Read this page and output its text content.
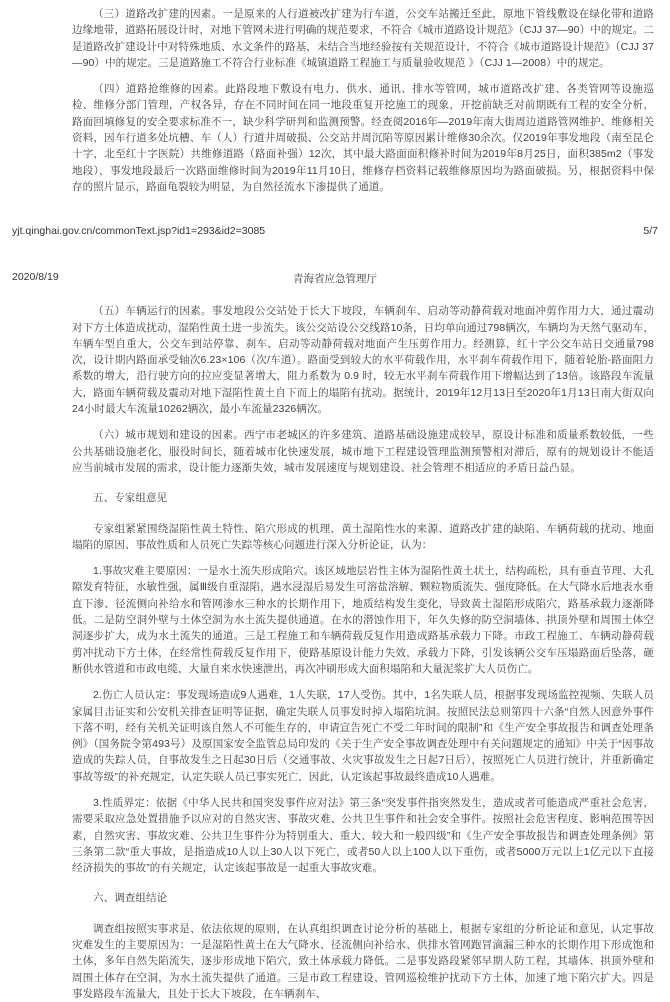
（三）道路改扩建的因素。一是原来的人行道被改扩建为行车道，公交车站搬迁至此，原地下管线敷设在绿化带和道路边缘地带，道路拓展设计时，对地下管网未进行明确的规范要求，不符合《城市道路设计规范》（CJJ 37—90）中的规定。二是道路改扩建设计中对特殊地质、水文条件的路基，未结合当地经验按有关规范设计，不符合《城市道路设计规范》（CJJ 37—90）中的规定。三是道路施工不符合行业标准《城镇道路工程施工与质量验收规范 》（CJJ 1—2008）中的规定。

（四）道路抢维修的因素。此路段地下敷设有电力、供水、通讯、排水等管网，城市道路改扩建、各类管网等设施巡检、维修分部门管理，产权各异，存在不同时间在同一地段重复开挖施工的现象，开挖前缺乏对前期既有工程的安全分析，路面回填修复的安全要求标准不一，缺少科学研判和监测预警。经查阅2016年—2019年南大街周边道路管网维护、维修相关资料，因车行道多处坑槽、车（人）行道井周破损、公交站井周沉陷等原因累计维修30余次。仅2019年事发地段（南至昆仑十字，北至红十字医院）共维修道路（路面补强）12次，其中最大路面面积修补时间为2019年8月25日，面积385m2（事发地段），事发地段最后一次路面维修时间为2019年11月10日，维修存档资料记载维修原因均为路面破损。另，根据资料中保存的照片显示，路面龟裂较为明显，为自然径流水下渗提供了通道。

yjt.qinghai.gov.cn/commonText.jsp?id1=293&id2=3085	5/7
青海省应急管理厅
2020/8/19

（五）车辆运行的因素。事发地段公交站处于长大下坡段，车辆刹车、启动等动静荷载对地面冲剪作用力大，通过震动对下方土体造成扰动，湿陷性黄土进一步流失。该公交站设公交线路10条，日均单向通过798辆次，车辆均为天然气驱动车，车辆车型自重大，公交车到站停靠、刹车、启动等动静荷载对地面产生压剪作用力。经测算，红十字公交车站日交通量798次，设计期内路面承受轴次6.23×106（次/车道）。路面受到较大的水平荷载作用，水平刹车荷载作用下，随着轮胎-路面阻力系数的增大，沿行驶方向的拉应变显著增大，阻力系数为 0.9 时，较无水平刹车荷载作用下增幅达到了13倍。该路段车流量大，路面车辆荷载及震动对地下湿陷性黄土自下而上的塌陷有扰动。据统计，2019年12月13日至2020年1月13日南大街双向24小时最大车流量10262辆次，最小车流量2326辆次。

（六）城市规划和建设的因素。西宁市老城区的许多建筑、道路基础设施建成较早，原设计标准和质量系数较低，一些公共基础设施老化，服役时间长，随着城市化快速发展，城市地下工程建设管理监测预警相对滞后，原有的规划设计不能适应当前城市发展的需求，设计能力逐渐失效，城市发展速度与规划建设、社会管理不相适应的矛盾日益凸显。

五、专家组意见

专家组紧紧围绕湿陷性黄土特性、陷穴形成的机理、黄土湿陷性水的来源、道路改扩建的缺陷、车辆荷载的扰动、地面塌陷的原因、事故性质和人员死亡失踪等核心问题进行深入分析论证，认为：

1.事故灾难主要原因：一是水土流失形成陷穴。该区域地层岩性主体为湿陷性黄土状土，结构疏松，具有垂直节理、大孔隙发育特征，水敏性强，属Ⅲ级自重湿陷，遇水浸湿后易发生可溶盐溶解、颗粒物质流失、强度降低。在大气降水后地表水垂直下渗、径流侧向补给水和管网渗水三种水的长期作用下，地质结构发生变化，导致黄土湿陷形成陷穴，路基承载力逐渐降低。二是防空洞外壁与土体空洞为水土流失提供通道。在水的潜蚀作用下，年久失修的防空洞墙体、拱顶外壁和周围土体空洞逐步扩大，成为水土流失的通道。三是工程施工和车辆荷载反复作用造成路基承载力下降。市政工程施工、车辆动静荷载剪冲扰动下方土体，在经常性荷载反复作用下，使路基原设计能力失效，承载力下降，引发该辆公交车压塌路面后坠落，砸断供水管道和市政电缆，大量自来水快速泄出，再次冲刷形成大面积塌陷和大量泥浆扩大人员伤亡。

2.伤亡人员认定：事发现场造成9人遇难，1人失联，17人受伤。其中，1名失联人员，根据事发现场监控视频、失联人员家属目击证实和公安机关排查证明等证据，确定失联人员事发时掉入塌陷坑洞。按照民法总则第四十六条“自然人因意外事件下落不明，经有关机关证明该自然人不可能生存的，申请宣告死亡不受二年时间的限制”和《生产安全事故报告和调查处理条例》（国务院令第493号）及原国家安全监管总局印发的《关于生产安全事故调查处理中有关问题规定的通知》中关于“因事故造成的失踪人员，自事故发生之日起30日后（交通事故、火灾事故发生之日起7日后），按照死亡人员进行统计，并重新确定事故等级”的补充规定，认定失联人员已事实死亡，因此，认定该起事故最终造成10人遇难。

3.性质界定：依据《中华人民共和国突发事件应对法》第三条“突发事件指突然发生，造成或者可能造成严重社会危害，需要采取应急处置措施予以应对的自然灾害、事故灾难、公共卫生事件和社会安全事件。按照社会危害程度、影响范围等因素，自然灾害、事故灾难、公共卫生事件分为特别重大、重大、较大和一般四级”和《生产安全事故报告和调查处理条例》第三条第二款“重大事故，是指造成10人以上30人以下死亡，或者50人以上100人以下重伤，或者5000万元以上1亿元以下直接经济损失的事故”的有关规定，认定该起事故是一起重大事故灾难。

六、调查组结论

调查组按照实事求是、依法依规的原则，在认真组织调查讨论分析的基础上，根据专家组的分析论证和意见，认定事故灾难发生的主要原因为：一是湿陷性黄土在大气降水、径流侧向补给水、供排水管网跑冒滴漏三种水的长期作用下形成饱和土体，多年自然失陷流失，逐步形成地下陷穴，致土体承载力降低。二是事发路段紧邻早期人防工程，其墙体、拱顶外壁和周围土体存在空洞，为水土流失提供了通道。三是市政工程建设、管网巡检维护扰动下方土体，加速了地下陷穴扩大。四是事发路段车流量大，且处于长大下坡段，在车辆刹车、
